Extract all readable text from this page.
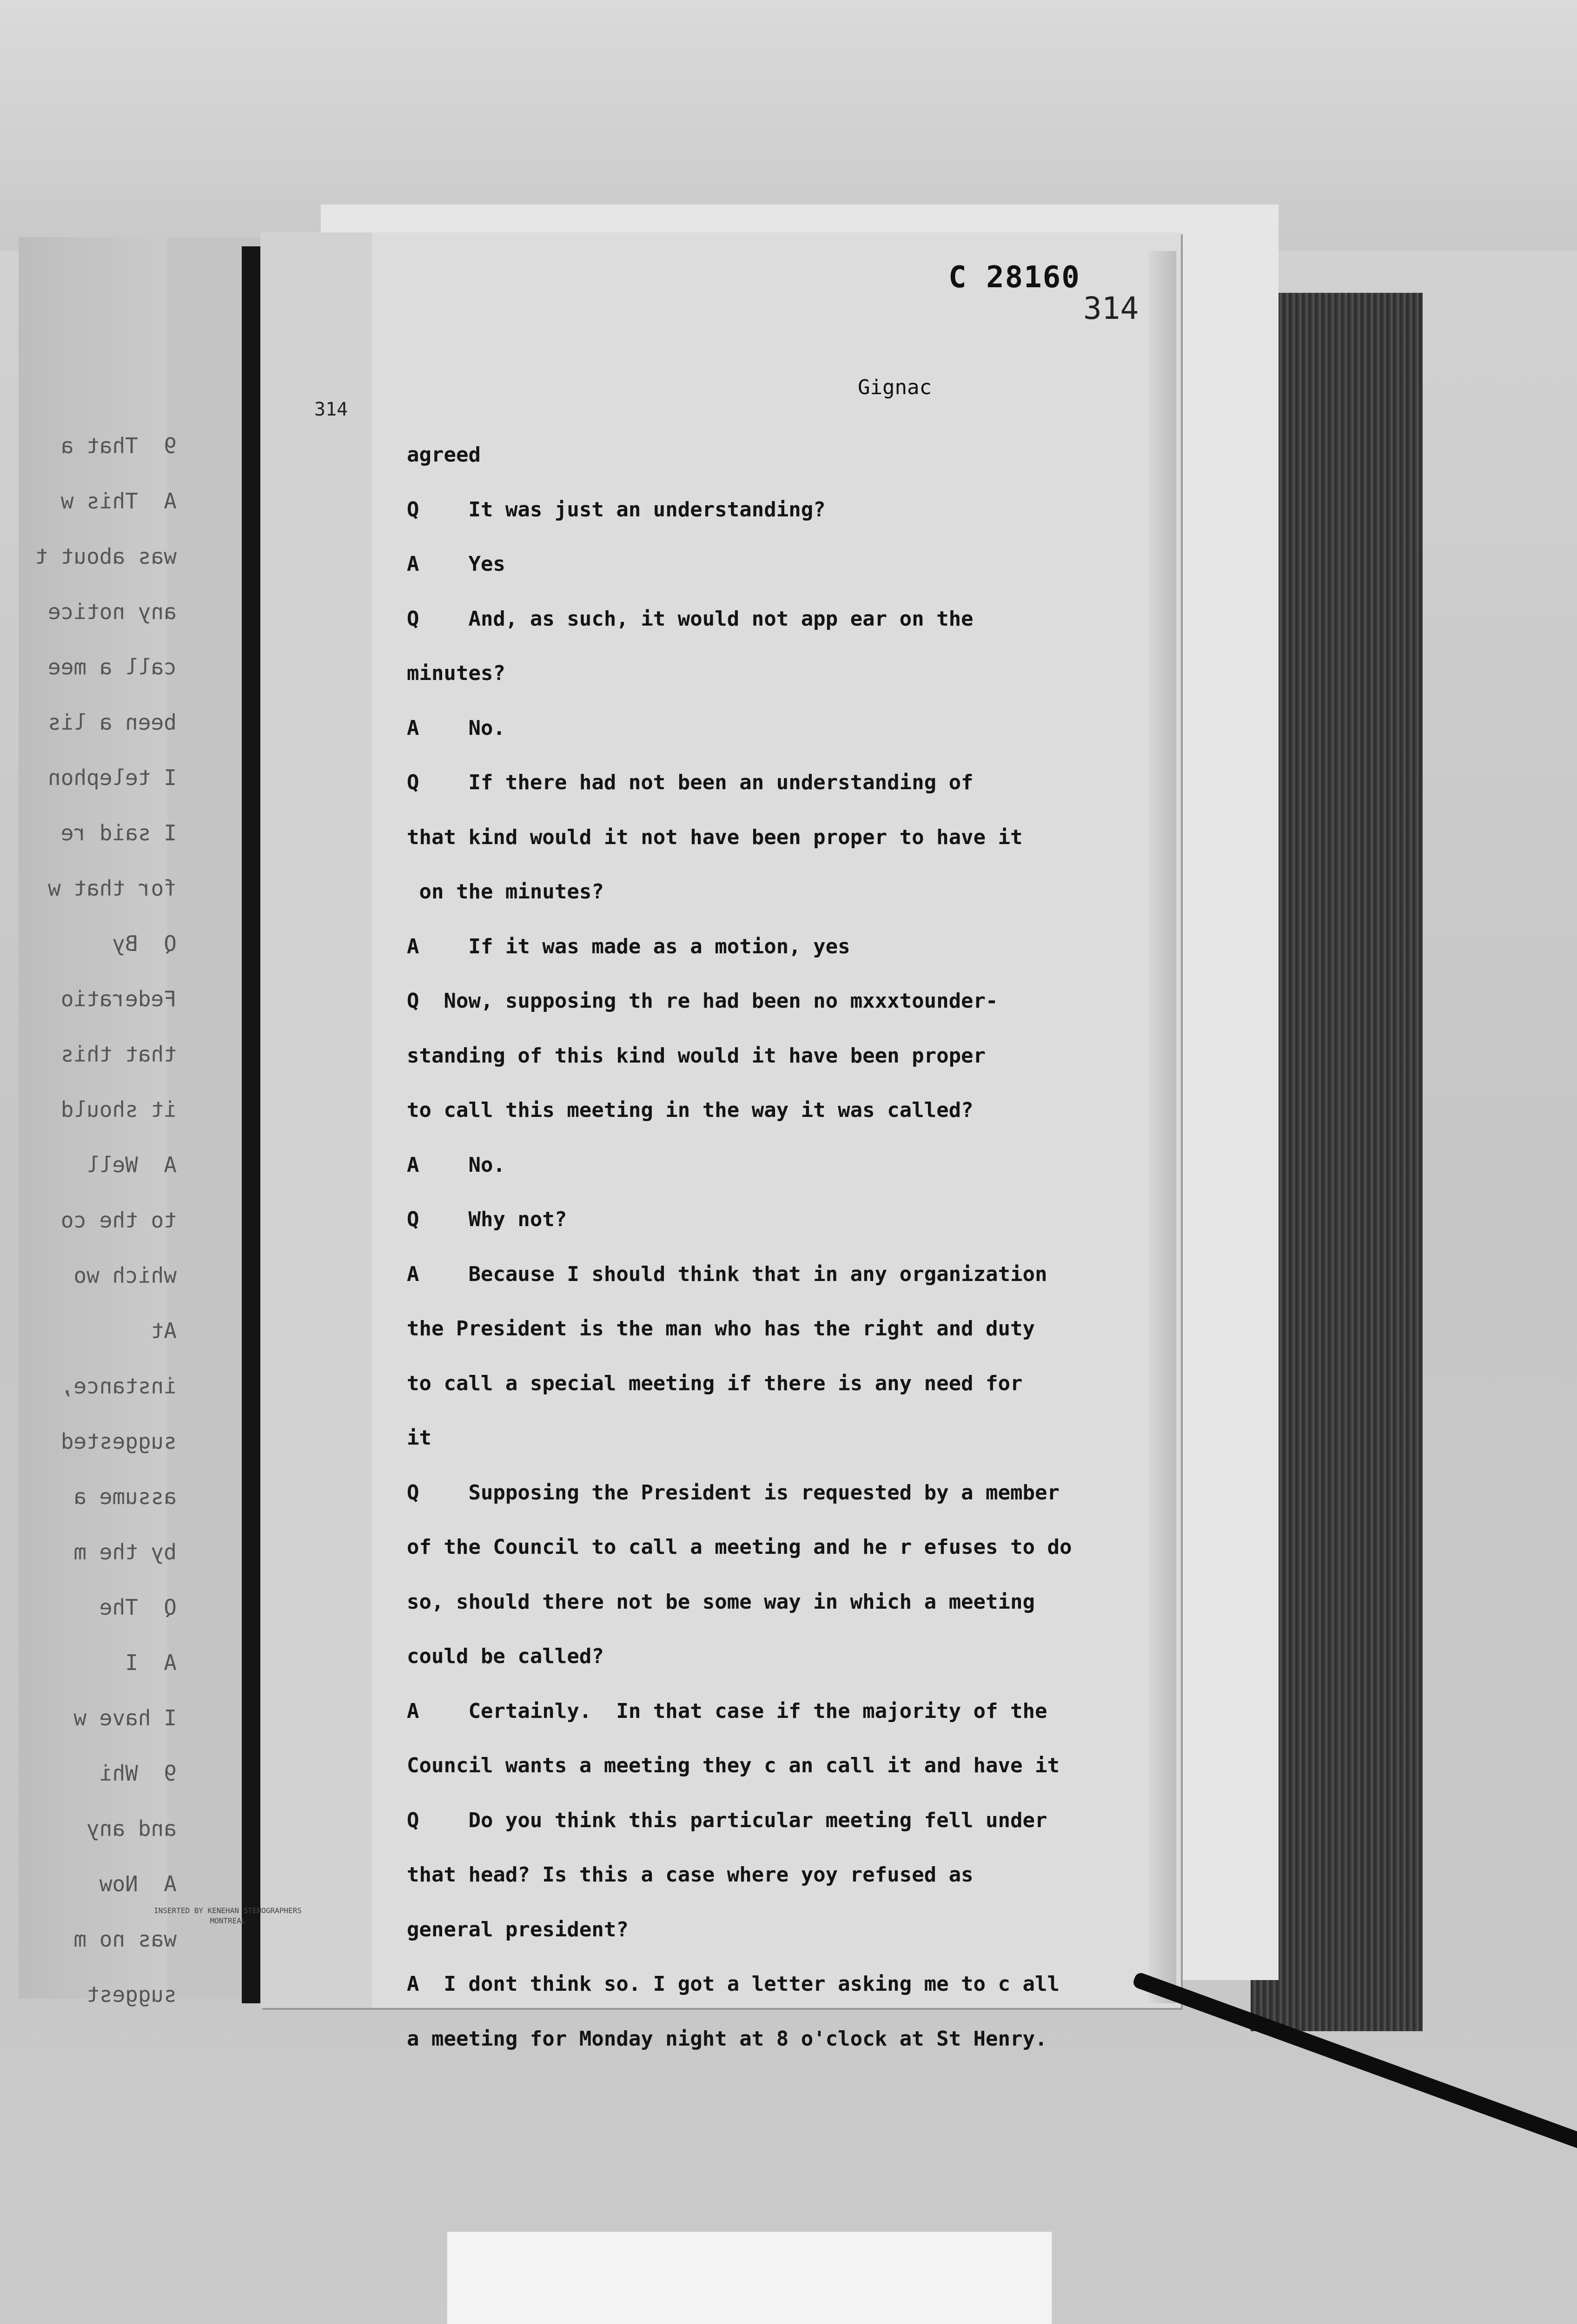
9  That a
A  This w
was about t
any notice
call a mee
been a lis
I telephon
I said re
for that w
Q  By
Federatio
that this
it should
A  Well
to the co
which wo
At
instance,
suggested
assume a
by the m
Q  The
A  I
I have w
9  Whi
and any
A  Now
was no m
suggest
INSERTED BY KENEHAN STENOGRAPHERS MONTREAL
C 28160
314
314
Gignac
agreed
Q    It was just an understanding?
A    Yes
Q    And, as such, it would not app ear on the
minutes?
A    No.
Q    If there had not been an understanding of
that kind would it not have been proper to have it
on the minutes?
A    If it was made as a motion, yes
Q  Now, supposing th re had been no mxxxtounder-
standing of this kind would it have been proper
to call this meeting in the way it was called?
A    No.
Q    Why not?
A    Because I should think that in any organization
the President is the man who has the right and duty
to call a special meeting if there is any need for
it
Q    Supposing the President is requested by a member
of the Council to call a meeting and he r efuses to do
so, should there not be some way in which a meeting
could be called?
A    Certainly.  In that case if the majority of the
Council wants a meeting they c an call it and have it
Q    Do you think this particular meeting fell under
that head? Is this a case where yoy refused as
general president?
A  I dont think so. I got a letter asking me to c all
a meeting for Monday night at 8 o'clock at St Henry.
